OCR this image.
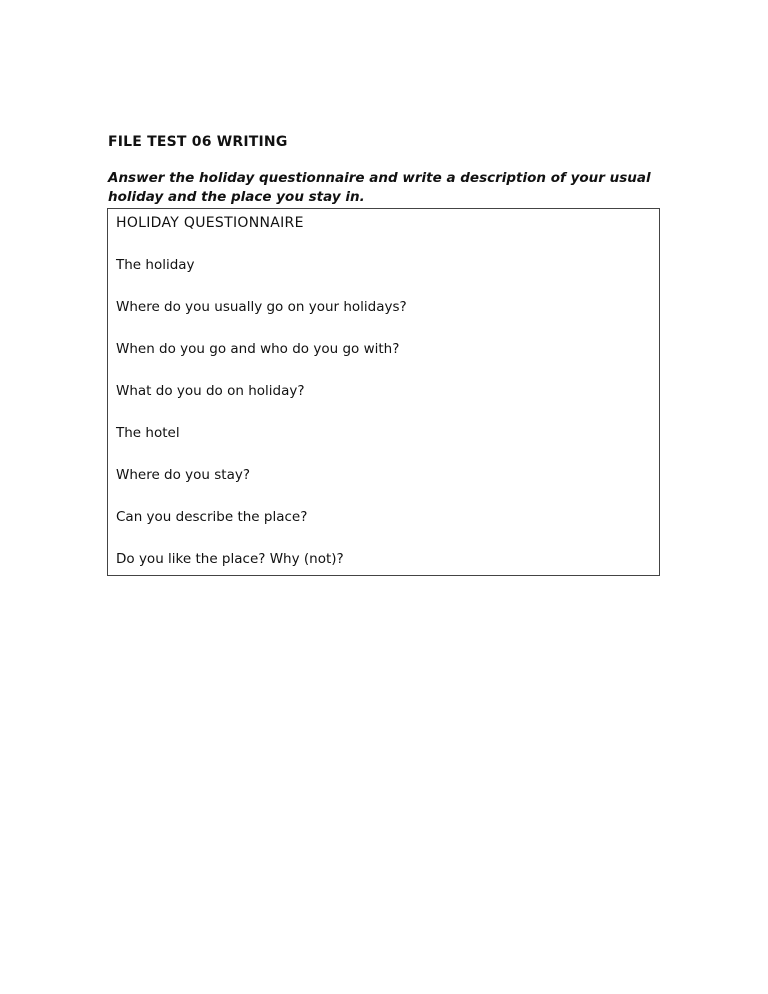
FILE TEST 06 WRITING
Answer the holiday questionnaire and write a description of your usual holiday and the place you stay in.
HOLIDAY QUESTIONNAIRE
The holiday
Where do you usually go on your holidays?
When do you go and who do you go with?
What do you do on holiday?
The hotel
Where do you stay?
Can you describe the place?
Do you like the place? Why (not)?
